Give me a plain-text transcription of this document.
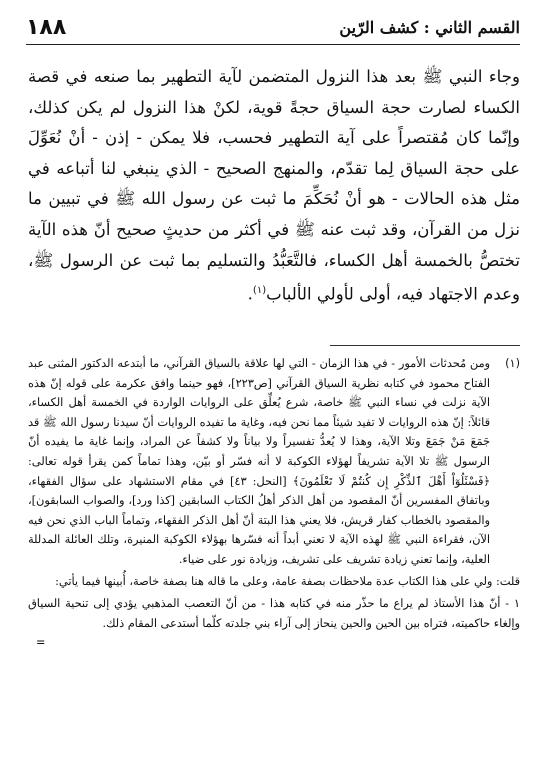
القسم الثاني : كشف الرّين
١٨٨

وجاء النبي ﷺ بعد هذا النزول المتضمن لآية التطهير بما صنعه في قصة الكساء لصارت حجة السياق حجةً قوية، لكنْ هذا النزول لم يكن كذلك، وإنّما كان مُقتصراً على آية التطهير فحسب، فلا يمكن - إذن - أنْ نُعَوِّلَ على حجة السياق لِما تقدّم، والمنهج الصحيح - الذي ينبغي لنا أتباعه في مثل هذه الحالات - هو أنْ نُحَكِّمَ ما ثبت عن رسول الله ﷺ في تبيين ما نزل من القرآن، وقد ثبت عنه ﷺ في أكثر من حديثٍ صحيح أنّ هذه الآية تختصُّ بالخمسة أهل الكساء، فالتَّعَبُّدُ والتسليم بما ثبت عن الرسول ﷺ، وعدم الاجتهاد فيه، أولى لأولي الألباب$^{(١)}$.

(١)
ومن مُحدثات الأمور - في هذا الزمان - التي لها علاقة بالسياق القرآني، ما أبتدعه الدكتور المثنى عبد الفتاح محمود في كتابه نظرية السياق القرآني [ص٢٢٣]، فهو حينما وافق عكرمة على قوله إنّ هذه الآية نزلت في نساء النبي ﷺ خاصة، شرع يُعلِّق على الروايات الواردة في الخمسة أهل الكساء، قائلاً: إنّ هذه الروايات لا تفيد شيئاً مما نحن فيه، وغاية ما تفيده الروايات أنّ سيدنا رسول الله ﷺ قد جَمَعَ مَنْ جَمَعَ وتلا الآية، وهذا لا يُعدُّ تفسيراً ولا بياناً ولا كشفاً عن المراد، وإنما غاية ما يفيده أنّ الرسول ﷺ تلا الآية تشريفاً لهؤلاء الكوكبة لا أنه فسّر أو بيّن، وهذا تماماً كمن يقرأ قوله تعالى: ﴿فَسْئَلُوٓاْ أَهْلَ ٱلذِّكْرِ إِن كُنتُمْ لَا تَعْلَمُونَ﴾ [النحل: ٤٣] في مقام الاستشهاد على سؤال الفقهاء، وباتفاق المفسرين أنّ المقصود من أهل الذكر أهلُ الكتاب السابقين [كذا ورد]، والصواب السابقون]، والمقصود بالخطاب كفار قريش، فلا يعني هذا البتة أنّ أهل الذكر الفقهاء، وتماماً الباب الذي نحن فيه الآن، فقراءة النبي ﷺ لهذه الآية لا تعني أبداً أنه فسّرها بهؤلاء الكوكبة المنيرة، وتلك العائلة المدللة العلية، وإنما تعني زيادة تشريف على تشريف، وزيادة نور على ضياء.

قلت: ولي على هذا الكتاب عدة ملاحظات بصفة عامة، وعلى ما قاله هنا بصفة خاصة، أُبينها فيما يأتي:

١ - أنّ هذا الأستاذ لم يراع ما حذّر منه في كتابه هذا - من أنّ التعصب المذهبي يؤدي إلى تنحية السياق وإلغاء حاكميته، فتراه بين الحين والحين ينحاز إلى آراء بني جلدته كلّما أستدعى المقام ذلك.

=
